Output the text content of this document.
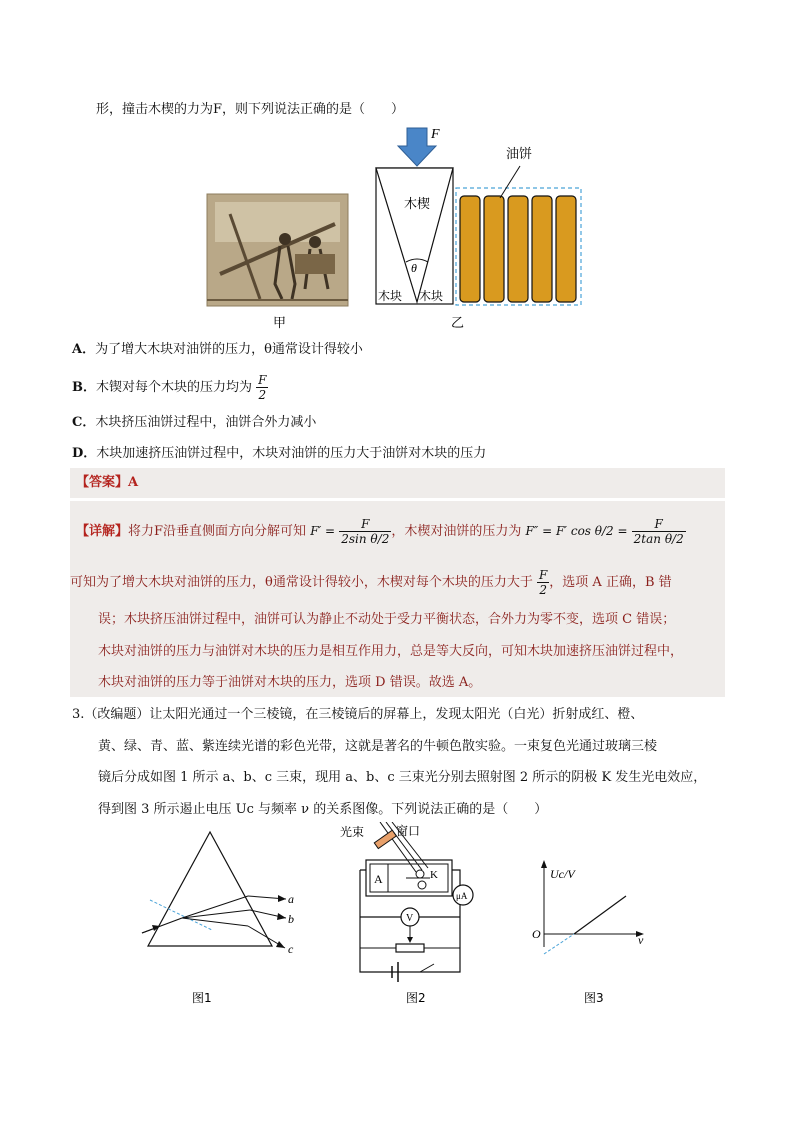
形，撞击木楔的力为F，则下列说法正确的是（　　）
F
油饼
木楔
θ
木块 木块
甲	乙
A．为了增大木块对油饼的压力，θ通常设计得较小
B．木锲对每个木块的压力均为 $\frac{F}{2}$
C．木块挤压油饼过程中，油饼合外力减小
D．木块加速挤压油饼过程中，木块对油饼的压力大于油饼对木块的压力
【答案】A
【详解】将力F沿垂直侧面方向分解可知 $F' = \frac{F}{\text{2sin θ/2}}$ ，木楔对油饼的压力为 F″ = F′ $\cos \theta/2 = \frac{F}{\text{2tan θ/2}}$
可知为了增大木块对油饼的压力，θ通常设计得较小，木楔对每个木块的压力大于 $\frac{F}{2}$ ，选项 A 正确，B 错
误；木块挤压油饼过程中，油饼可认为静止不动处于受力平衡状态，合外力为零不变，选项 C 错误；
木块对油饼的压力与油饼对木块的压力是相互作用力，总是等大反向，可知木块加速挤压油饼过程中，
木块对油饼的压力等于油饼对木块的压力，选项 D 错误。故选 A。
3.（改编题）让太阳光通过一个三棱镜，在三棱镜后的屏幕上，发现太阳光（白光）折射成红、橙、
黄、绿、青、蓝、紫连续光谱的彩色光带，这就是著名的牛顿色散实验。一束复色光通过玻璃三棱
镜后分成如图 1 所示 a、b、c 三束，现用 a、b、c 三束光分别去照射图 2 所示的阴极 K 发生光电效应，
得到图 3 所示遏止电压 Uc 与频率 ν 的关系图像。下列说法正确的是（　　）
a
b
c
图1
光束	窗口
A	K
V
μA
图2
Uc/V
ν
O
图3
